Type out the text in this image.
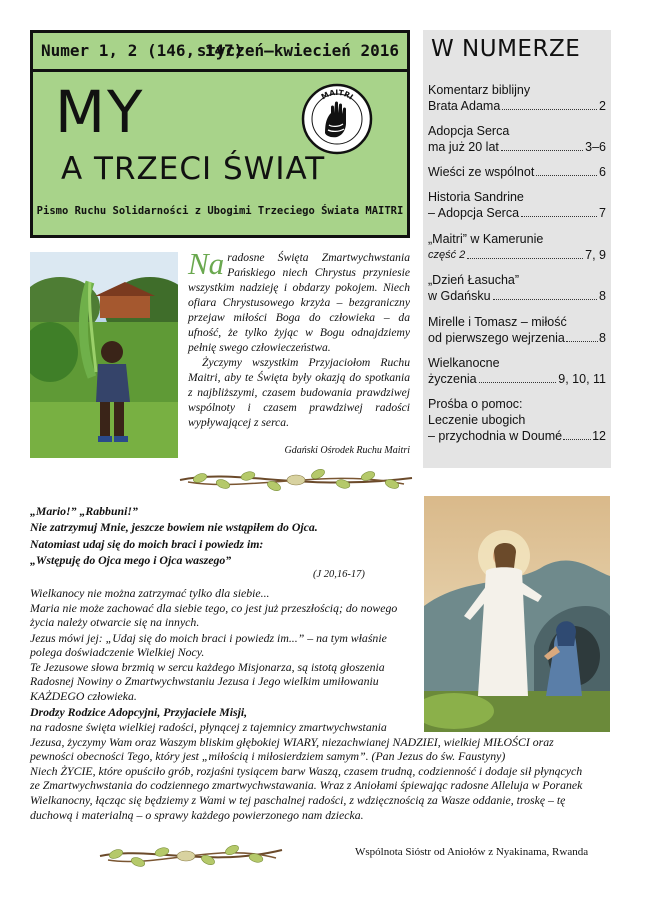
Numer 1, 2 (146, 147)
styczeń–kwiecień 2016
MY
A TRZECI ŚWIAT
MAITRI
Pismo Ruchu Solidarności z Ubogimi Trzeciego Świata MAITRI
W NUMERZE
Komentarz biblijny
Brata Adama	2
Adopcja Serca
ma już 20 lat	3–6
Wieści ze wspólnot	6
Historia Sandrine
– Adopcja Serca	7
„Maitri” w Kamerunie
część 2	7, 9
„Dzień Łasucha”
w Gdańsku	8
Mirelle i Tomasz – miłość
od pierwszego wejrzenia	8
Wielkanocne
życzenia	9, 10, 11
Prośba o pomoc:
Leczenie ubogich
– przychodnia w Doumé 12

Na radosne Święta Zmartwychwstania Pańskiego niech Chrystus przyniesie wszystkim nadzieję i obdarzy pokojem. Niech ofiara Chrystusowego krzyża – bezgraniczny przejaw miłości Boga do człowieka – da ufność, że tylko żyjąc w Bogu odnajdziemy pełnię swego człowieczeństwa.

Życzymy wszystkim Przyjaciołom Ruchu Maitri, aby te Święta były okazją do spotkania z najbliższymi, czasem budowania prawdziwej wspólnoty i czasem prawdziwej radości wypływającej z serca.

Gdański Ośrodek Ruchu Maitri
„Mario!” „Rabbuni!”
Nie zatrzymuj Mnie, jeszcze bowiem nie wstąpiłem do Ojca.
Natomiast udaj się do moich braci i powiedz im:
„Wstępuję do Ojca mego i Ojca waszego”
(J 20,16-17)
Wielkanocy nie można zatrzymać tylko dla siebie...
Maria nie może zachować dla siebie tego, co jest już przeszłością; do nowego
życia należy otwarcie się na innych.
Jezus mówi jej: „Udaj się do moich braci i powiedz im...” – na tym właśnie
polega doświadczenie Wielkiej Nocy.
Te Jezusowe słowa brzmią w sercu każdego Misjonarza, są istotą głoszenia
Radosnej Nowiny o Zmartwychwstaniu Jezusa i Jego wielkim umiłowaniu
KAŻDEGO człowieka.
Drodzy Rodzice Adopcyjni, Przyjaciele Misji,
na radosne święta wielkiej radości, płynącej z tajemnicy zmartwychwstania
Jezusa, życzymy Wam oraz Waszym bliskim głębokiej WIARY, niezachwianej NADZIEI, wielkiej MIŁOŚCI oraz
pewności obecności Tego, który jest „miłością i miłosierdziem samym”. (Pan Jezus do św. Faustyny)
Niech ŻYCIE, które opuściło grób, rozjaśni tysiącem barw Waszą, czasem trudną, codzienność i dodaje sił płynących
ze Zmartwychwstania do codziennego zmartwychwstawania. Wraz z Aniołami śpiewając radosne Alleluja w Poranek
Wielkanocny, łącząc się będziemy z Wami w tej paschalnej radości, z wdzięcznością za Wasze oddanie, troskę – tę
duchową i materialną – o sprawy każdego powierzonego nam dziecka.
Wspólnota Sióstr od Aniołów z Nyakinama, Rwanda
